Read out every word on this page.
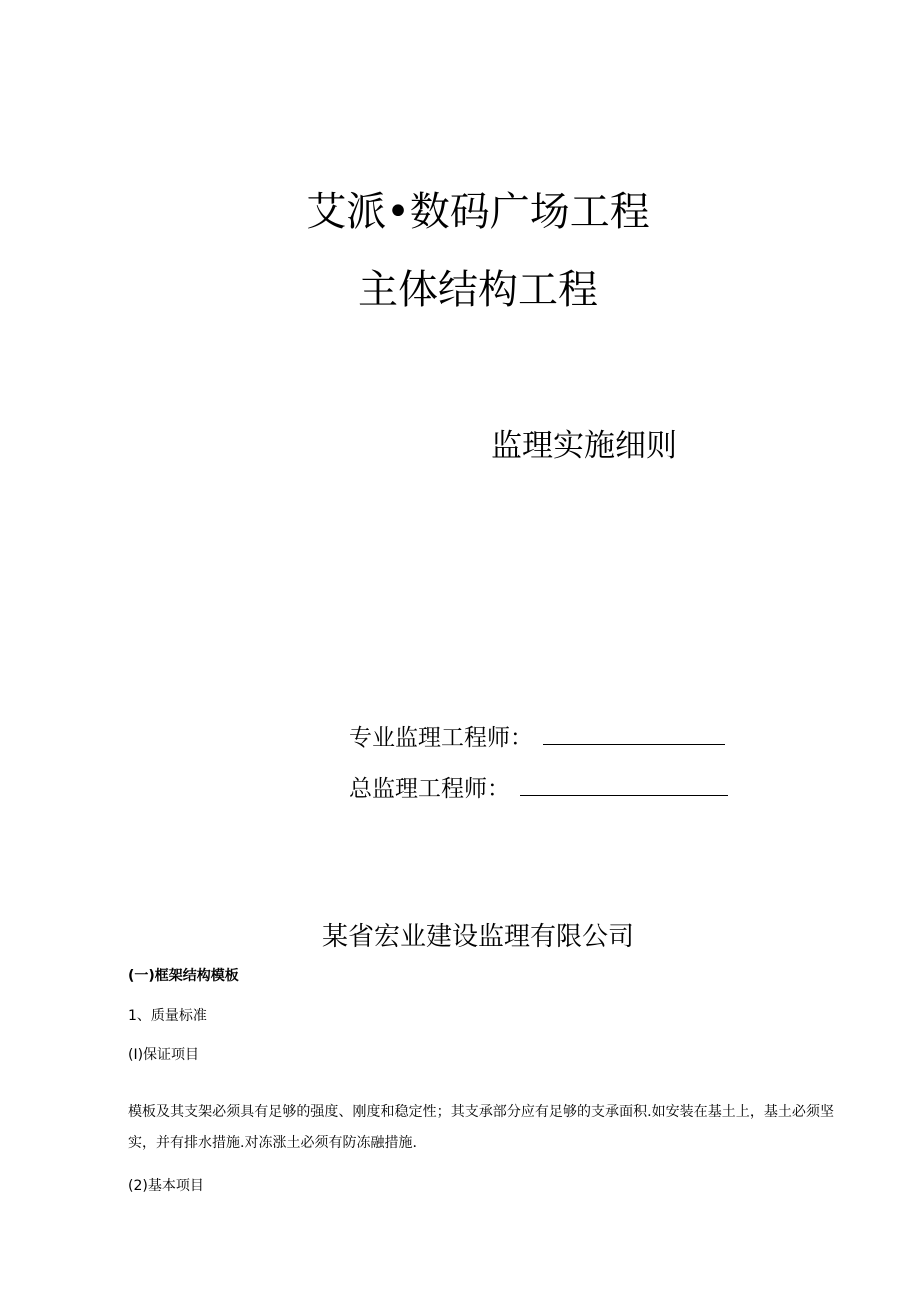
艾派•数码广场工程
主体结构工程
监理实施细则
专业监理工程师：
总监理工程师：
某省宏业建设监理有限公司
(一)框架结构模板
1、质量标准
(I)保证项目
模板及其支架必须具有足够的强度、刚度和稳定性；其支承部分应有足够的支承面积.如安装在基土上，基土必须坚实，并有排水措施.对冻涨土必须有防冻融措施.
(2)基本项目
